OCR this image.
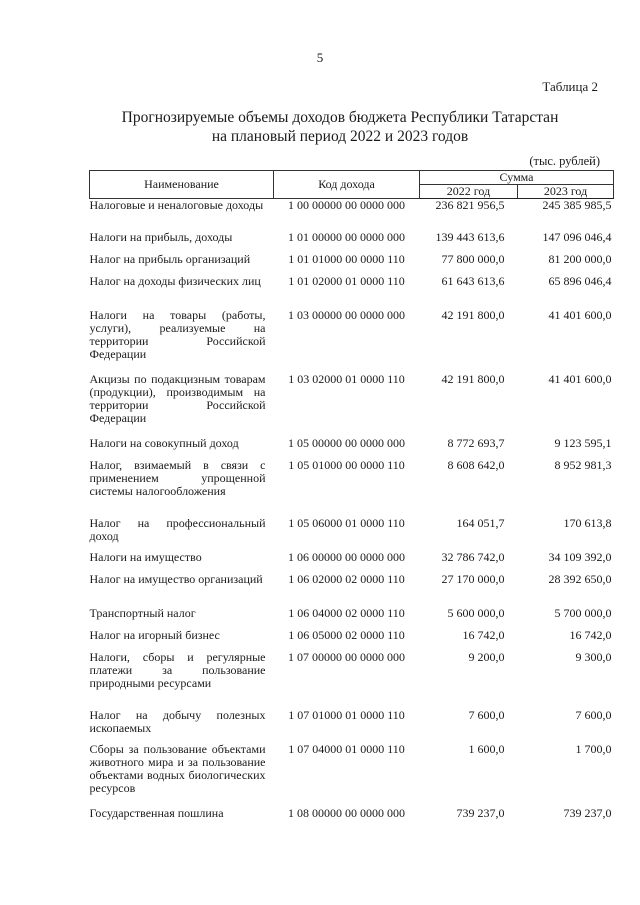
5
Таблица 2
Прогнозируемые объемы доходов бюджета Республики Татарстан
на плановый период 2022 и 2023 годов
(тыс. рублей)
Наименование	Код дохода	Сумма	
		2022 год	2023 год
Налоговые и неналоговые доходы	1 00 00000 00 0000 000	236 821 956,5	245 385 985,5
Налоги на прибыль, доходы	1 01 00000 00 0000 000	139 443 613,6	147 096 046,4
Налог на прибыль организаций	1 01 01000 00 0000 110	77 800 000,0	81 200 000,0
Налог на доходы физических лиц	1 01 02000 01 0000 110	61 643 613,6	65 896 046,4
Налоги на товары (работы, услуги), реализуемые на территории Российской Федерации	1 03 00000 00 0000 000	42 191 800,0	41 401 600,0
Акцизы по подакцизным товарам (продукции), производимым на территории Российской Федерации	1 03 02000 01 0000 110	42 191 800,0	41 401 600,0
Налоги на совокупный доход	1 05 00000 00 0000 000	8 772 693,7	9 123 595,1
Налог, взимаемый в связи с применением упрощенной системы налогообложения	1 05 01000 00 0000 110	8 608 642,0	8 952 981,3
Налог на профессиональный доход	1 05 06000 01 0000 110	164 051,7	170 613,8
Налоги на имущество	1 06 00000 00 0000 000	32 786 742,0	34 109 392,0
Налог на имущество организаций	1 06 02000 02 0000 110	27 170 000,0	28 392 650,0
Транспортный налог	1 06 04000 02 0000 110	5 600 000,0	5 700 000,0
Налог на игорный бизнес	1 06 05000 02 0000 110	16 742,0	16 742,0
Налоги, сборы и регулярные платежи за пользование природными ресурсами	1 07 00000 00 0000 000	9 200,0	9 300,0
Налог на добычу полезных ископаемых	1 07 01000 01 0000 110	7 600,0	7 600,0
Сборы за пользование объектами животного мира и за пользование объектами водных биологических ресурсов	1 07 04000 01 0000 110	1 600,0	1 700,0
Государственная пошлина	1 08 00000 00 0000 000	739 237,0	739 237,0
